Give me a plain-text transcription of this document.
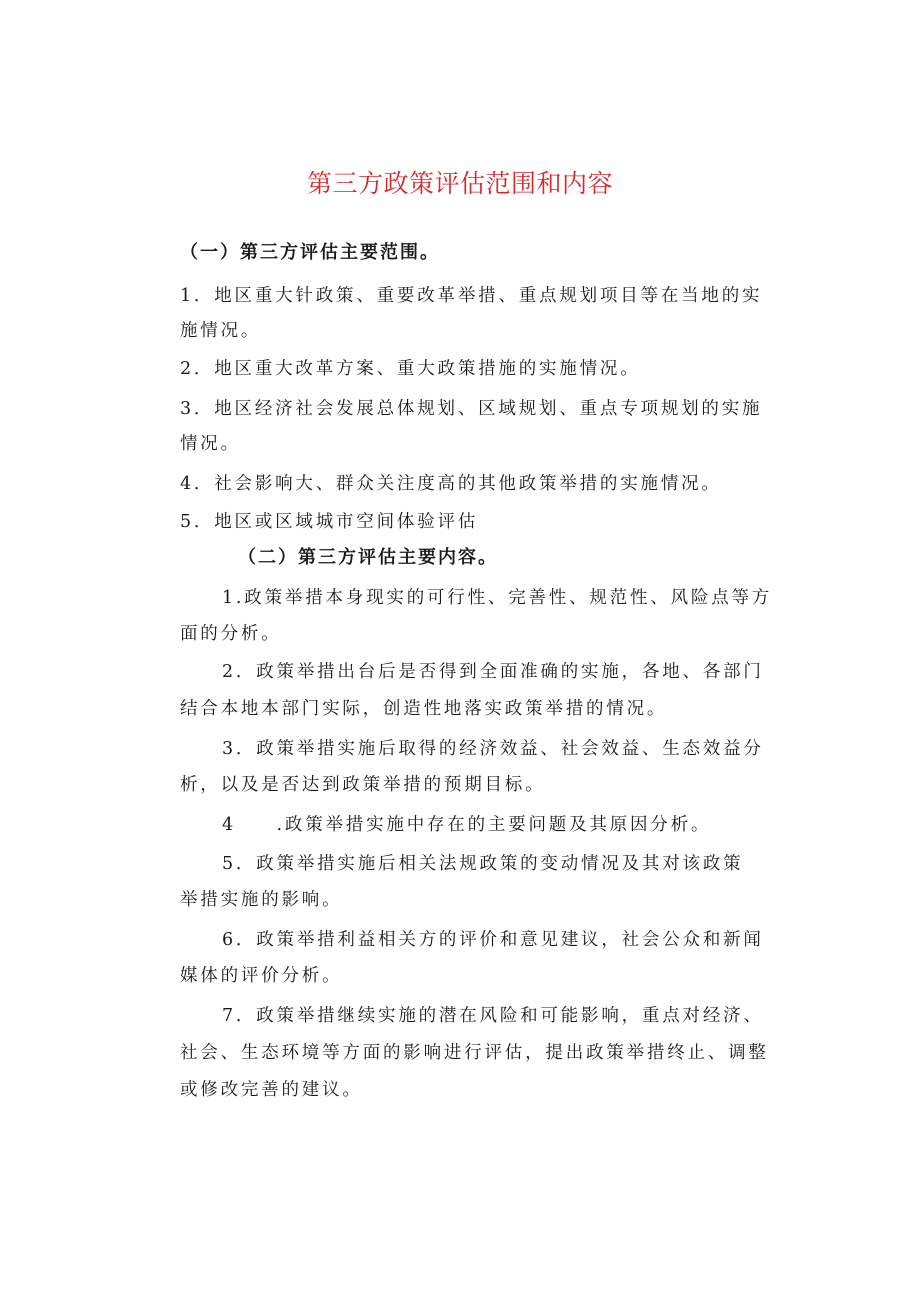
第三方政策评估范围和内容
（一）第三方评估主要范围。
1．地区重大针政策、重要改革举措、重点规划项目等在当地的实
施情况。
2．地区重大改革方案、重大政策措施的实施情况。
3．地区经济社会发展总体规划、区域规划、重点专项规划的实施
情况。
4．社会影响大、群众关注度高的其他政策举措的实施情况。
5．地区或区域城市空间体验评估
（二）第三方评估主要内容。
1.政策举措本身现实的可行性、完善性、规范性、风险点等方
面的分析。
2．政策举措出台后是否得到全面准确的实施，各地、各部门
结合本地本部门实际，创造性地落实政策举措的情况。
3．政策举措实施后取得的经济效益、社会效益、生态效益分
析，以及是否达到政策举措的预期目标。
4　　.政策举措实施中存在的主要问题及其原因分析。
5．政策举措实施后相关法规政策的变动情况及其对该政策
举措实施的影响。
6．政策举措利益相关方的评价和意见建议，社会公众和新闻
媒体的评价分析。
7．政策举措继续实施的潜在风险和可能影响，重点对经济、
社会、生态环境等方面的影响进行评估，提出政策举措终止、调整
或修改完善的建议。
